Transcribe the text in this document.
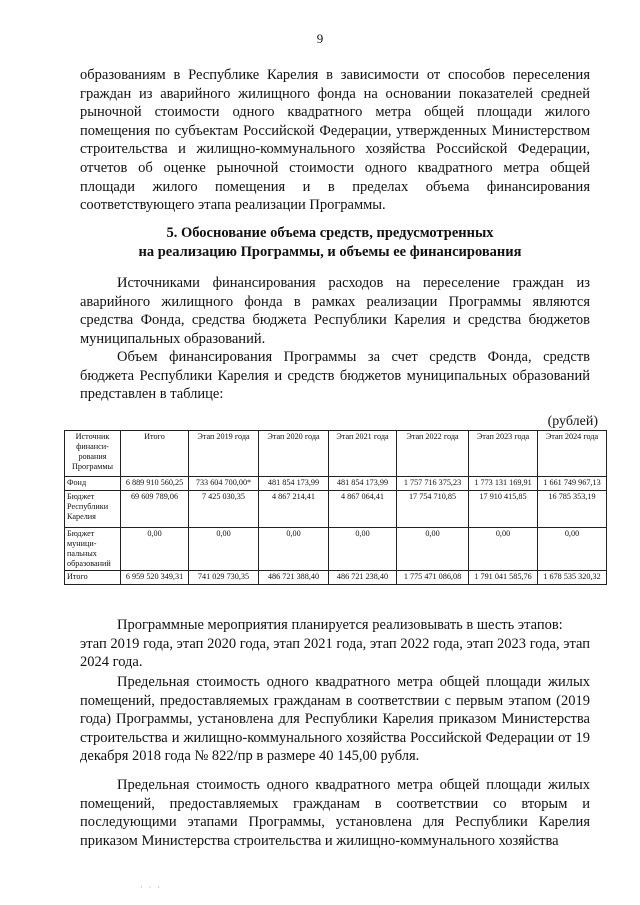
9

образованиям в Республике Карелия в зависимости от способов переселения граждан из аварийного жилищного фонда на основании показателей средней рыночной стоимости одного квадратного метра общей площади жилого помещения по субъектам Российской Федерации, утвержденных Министерством строительства и жилищно-коммунального хозяйства Российской Федерации, отчетов об оценке рыночной стоимости одного квадратного метра общей площади жилого помещения и в пределах объема финансирования соответствующего этапа реализации Программы.

5. Обоснование объема средств, предусмотренных
на реализацию Программы, и объемы ее финансирования

Источниками финансирования расходов на переселение граждан из аварийного жилищного фонда в рамках реализации Программы являются средства Фонда, средства бюджета Республики Карелия и средства бюджетов муниципальных образований.

Объем финансирования Программы за счет средств Фонда, средств бюджета Республики Карелия и средств бюджетов муниципальных образований представлен в таблице:

(рублей)
Источник финанси-рования Программы	Итого	Этап 2019 года	Этап 2020 года	Этап 2021 года	Этап 2022 года	Этап 2023 года	Этап 2024 года
Фонд	6 889 910 560,25	733 604 700,00*	481 854 173,99	481 854 173,99	1 757 716 375,23	1 773 131 169,91	1 661 749 967,13
Бюджет Республики Карелия	69 609 789,06	7 425 030,35	4 867 214,41	4 867 064,41	17 754 710,85	17 910 415,85	16 785 353,19
Бюджет муници-пальных образований	0,00	0,00	0,00	0,00	0,00	0,00	0,00
Итого	6 959 520 349,31	741 029 730,35	486 721 388,40	486 721 238,40	1 775 471 086,08	1 791 041 585,76	1 678 535 320,32

Программные мероприятия планируется реализовывать в шесть этапов:
этап 2019 года, этап 2020 года, этап 2021 года, этап 2022 года, этап 2023 года, этап 2024 года.

Предельная стоимость одного квадратного метра общей площади жилых помещений, предоставляемых гражданам в соответствии с первым этапом (2019 года) Программы, установлена для Республики Карелия приказом Министерства строительства и жилищно-коммунального хозяйства Российской Федерации от 19 декабря 2018 года № 822/пр в размере 40 145,00 рубля.

Предельная стоимость одного квадратного метра общей площади жилых помещений, предоставляемых гражданам в соответствии со вторым и последующими этапами Программы, установлена для Республики Карелия приказом Министерства строительства и жилищно-коммунального хозяйства

· · ·
